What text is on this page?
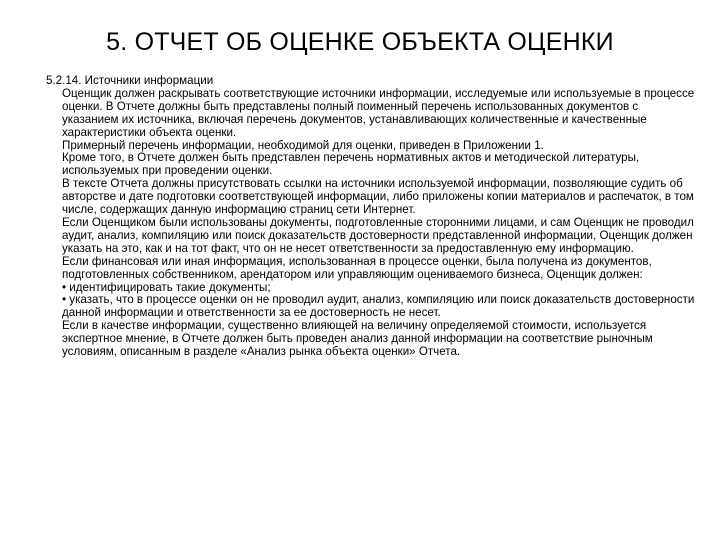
5. ОТЧЕТ ОБ ОЦЕНКЕ ОБЪЕКТА ОЦЕНКИ

5.2.14. Источники информации

Оценщик должен раскрывать соответствующие источники информации, исследуемые или используемые в процессе оценки. В Отчете должны быть представлены полный поименный перечень использованных документов с указанием их источника, включая перечень документов, устанавливающих количественные и качественные характеристики объекта оценки.

Примерный перечень информации, необходимой для оценки, приведен в Приложении 1.

Кроме того, в Отчете должен быть представлен перечень нормативных актов и методической литературы, используемых при проведении оценки.

В тексте Отчета должны присутствовать ссылки на источники используемой информации, позволяющие судить об авторстве и дате подготовки соответствующей информации, либо приложены копии материалов и распечаток, в том числе, содержащих данную информацию страниц сети Интернет.

Если Оценщиком были использованы документы, подготовленные сторонними лицами, и сам Оценщик не проводил аудит, анализ, компиляцию или поиск доказательств достоверности представленной информации, Оценщик должен указать на это, как и на тот факт, что он не несет ответственности за предоставленную ему информацию.

Если финансовая или иная информация, использованная в процессе оценки, была получена из документов, подготовленных собственником, арендатором или управляющим оцениваемого бизнеса, Оценщик должен:

• идентифицировать такие документы;

• указать, что в процессе оценки он не проводил аудит, анализ, компиляцию или поиск доказательств достоверности данной информации и ответственности за ее достоверность не несет.

Если в качестве информации, существенно влияющей на величину определяемой стоимости, используется экспертное мнение, в Отчете должен быть проведен анализ данной информации на соответствие рыночным условиям, описанным в разделе «Анализ рынка объекта оценки» Отчета.
